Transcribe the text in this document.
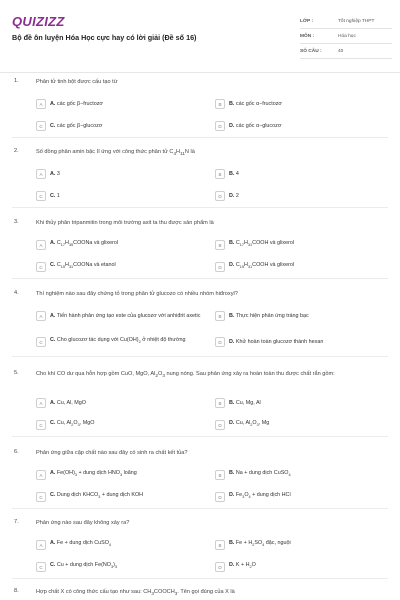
QUIZIZZ
Bộ đề ôn luyện Hóa Học cực hay có lời giải (Đề số 16)
LỚP :	Tốt nghiệp THPT
MÔN :	Hóa học
SỐ CÂU :	40
1.	Phân tử tinh bột được cấu tạo từ
A	A. các gốc β−fructozơ	B	B. các gốc α−fructozơ
C	C. các gốc β−glucozơ	D	D. các gốc α−glucozơ
2.	Số đồng phân amin bậc II ứng với công thức phân tử $C_4H_{11}N$ là
A	A. 3	B	B. 4
C	C. 1	D	D. 2
3.	Khi thủy phân tripanmitin trong môi trường axit ta thu được sản phẩm là
A	A. $C_{17}H_{35}COONa$ và glixerol	B	B. $C_{17}H_{31}COOH$ và glixerol
C	C. $C_{15}H_{31}COONa$ và etanol	D	D. $C_{15}H_{31}COOH$ và glixerol
4.	Thí nghiệm nào sau đây chứng tỏ trong phân tử glucozo có nhiều nhóm hiđroxyl?
A	A. Tiến hành phản ứng tạo este của glucozơ với anhiđrit axetic	B	B. Thực hiện phản ứng tráng bạc
C	C. Cho glucozơ tác dụng với $Cu(OH)_2$ ở nhiệt độ thường	D	D. Khử hoàn toàn glucozơ thành hexan
5.	Cho khí CO dư qua hỗn hợp gồm CuO, MgO, $Al_2O_3$ nung nóng. Sau phản ứng xảy ra hoàn toàn thu được chất rắn gồm:
A	A. Cu, Al, MgO	B	B. Cu, Mg, Al
C	C. Cu, $Al_2O_3$, MgO	D	D. Cu, $Al_2O_3$, Mg
6.	Phản ứng giữa cặp chất nào sau đây có sinh ra chất kết tủa?
A	A. $Fe(OH)_3$ + dung dịch $HNO_3$ loãng	B	B. Na + dung dịch CuSO$_4$
C	C. Dung dịch $KHCO_3$ + dung dịch KOH	D	D. $Fe_3O_4$ + dung dịch HCl
7.	Phản ứng nào sau đây không xảy ra?
A	A. Fe + dung dịch CuSO$_4$	B	B. $Fe + H_2SO_4$ đặc, nguội
C	C. Cu + dung dịch $Fe(NO_3)_3$	D	D. $K + H_2O$
8.	Hợp chất X có công thức cấu tạo như sau: $CH_3COOCH_3$. Tên gọi đúng của X là
